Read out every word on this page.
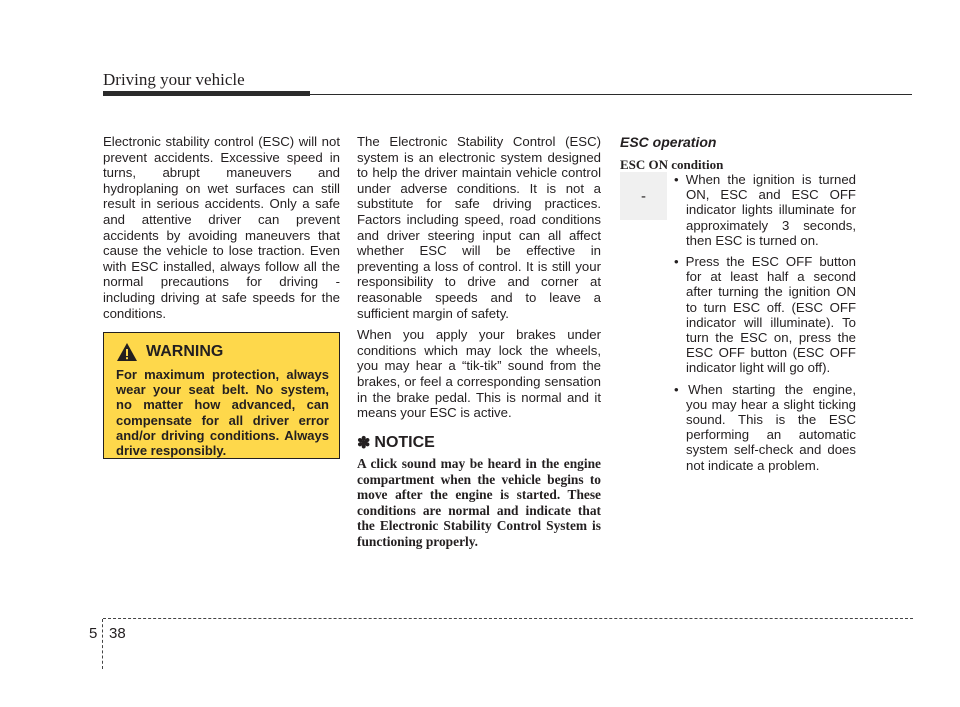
Driving your vehicle

Electronic stability control (ESC) will not prevent accidents. Excessive speed in turns, abrupt maneuvers and hydroplaning on wet surfaces can still result in serious accidents. Only a safe and attentive driver can prevent accidents by avoiding maneuvers that cause the vehicle to lose traction. Even with ESC installed, always follow all the normal precautions for driving - including driving at safe speeds for the conditions.

WARNING

For maximum protection, always wear your seat belt. No system, no matter how advanced, can compensate for all driver error and/or driving conditions. Always drive responsibly.

The Electronic Stability Control (ESC) system is an electronic system designed to help the driver maintain vehicle control under adverse conditions. It is not a substitute for safe driving practices. Factors including speed, road conditions and driver steering input can all affect whether ESC will be effective in preventing a loss of control. It is still your responsibility to drive and corner at reasonable speeds and to leave a sufficient margin of safety.

When you apply your brakes under conditions which may lock the wheels, you may hear a “tik-tik” sound from the brakes, or feel a corresponding sensation in the brake pedal. This is normal and it means your ESC is active.

✽ NOTICE

A click sound may be heard in the engine compartment when the vehicle begins to move after the engine is started. These conditions are normal and indicate that the Electronic Stability Control System is functioning properly.

ESC operation
ESC ON condition
-
• When the ignition is turned ON, ESC and ESC OFF indicator lights illuminate for approximately 3 seconds, then ESC is turned on.
• Press the ESC OFF button for at least half a second after turning the ignition ON to turn ESC off. (ESC OFF indicator will illuminate). To turn the ESC on, press the ESC OFF button (ESC OFF indicator light will go off).
• When starting the engine, you may hear a slight ticking sound. This is the ESC performing an automatic system self-check and does not indicate a problem.
5 38
